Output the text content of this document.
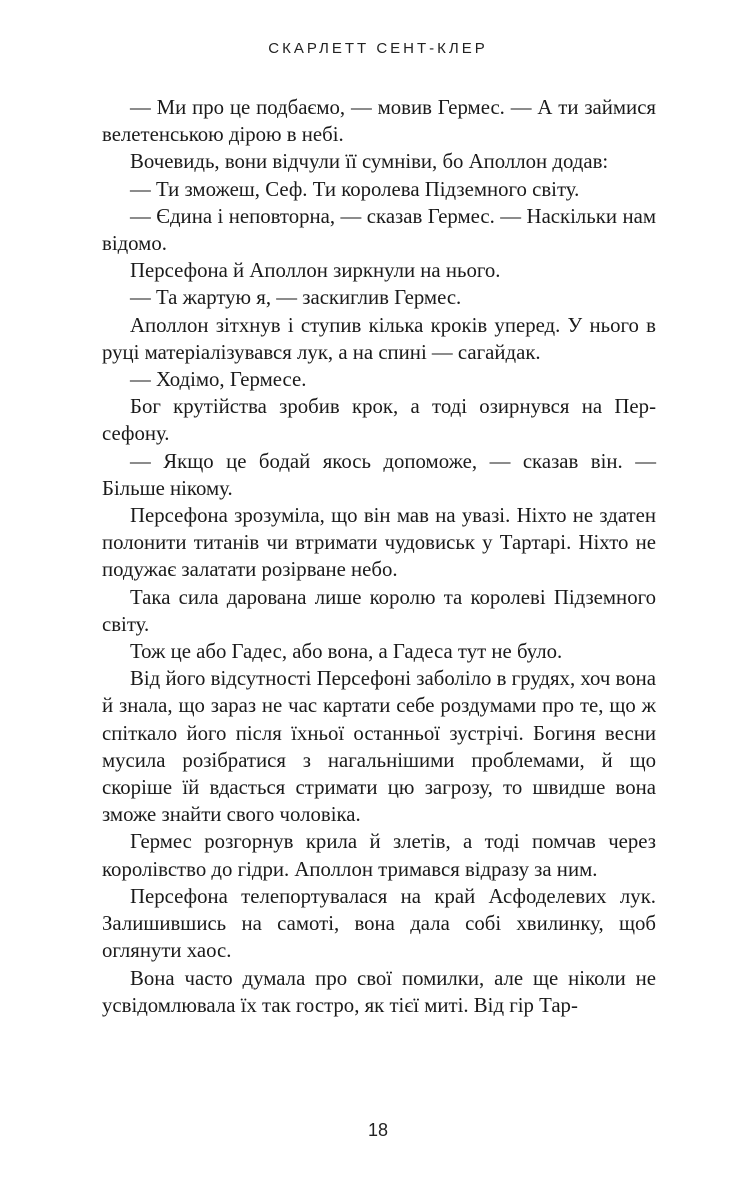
СКАРЛЕТТ СЕНТ-КЛЕР

— Ми про це подбаємо, — мовив Гермес. — А ти займися велетенською дірою в небі.

Вочевидь, вони відчули її сумніви, бо Аполлон додав:

— Ти зможеш, Сеф. Ти королева Підземного світу.

— Єдина і неповторна, — сказав Гермес. — Наскільки нам відомо.

Персефона й Аполлон зиркнули на нього.

— Та жартую я, — заскиглив Гермес.

Аполлон зітхнув і ступив кілька кроків уперед. У нього в руці матеріалізувався лук, а на спині — сагайдак.

— Ходімо, Гермесе.

Бог крутійства зробив крок, а тоді озирнувся на Персефону.

— Якщо це бодай якось допоможе, — сказав він. — Більше нікому.

Персефона зрозуміла, що він мав на увазі. Ніхто не здатен полонити титанів чи втримати чудовиськ у Тартарі. Ніхто не подужає залатати розірване небо.

Така сила дарована лише королю та королеві Підземного світу.

Тож це або Гадес, або вона, а Гадеса тут не було.

Від його відсутності Персефоні заболіло в грудях, хоч вона й знала, що зараз не час картати себе роздумами про те, що ж спіткало його після їхньої останньої зустрічі. Богиня весни мусила розібратися з нагальнішими проблемами, й що скоріше їй вдасться стримати цю загрозу, то швидше вона зможе знайти свого чоловіка.

Гермес розгорнув крила й злетів, а тоді помчав через королівство до гідри. Аполлон тримався відразу за ним.

Персефона телепортувалася на край Асфоделевих лук. Залишившись на самоті, вона дала собі хвилинку, щоб оглянути хаос.

Вона часто думала про свої помилки, але ще ніколи не усвідомлювала їх так гостро, як тієї миті. Від гір Тар-

18
